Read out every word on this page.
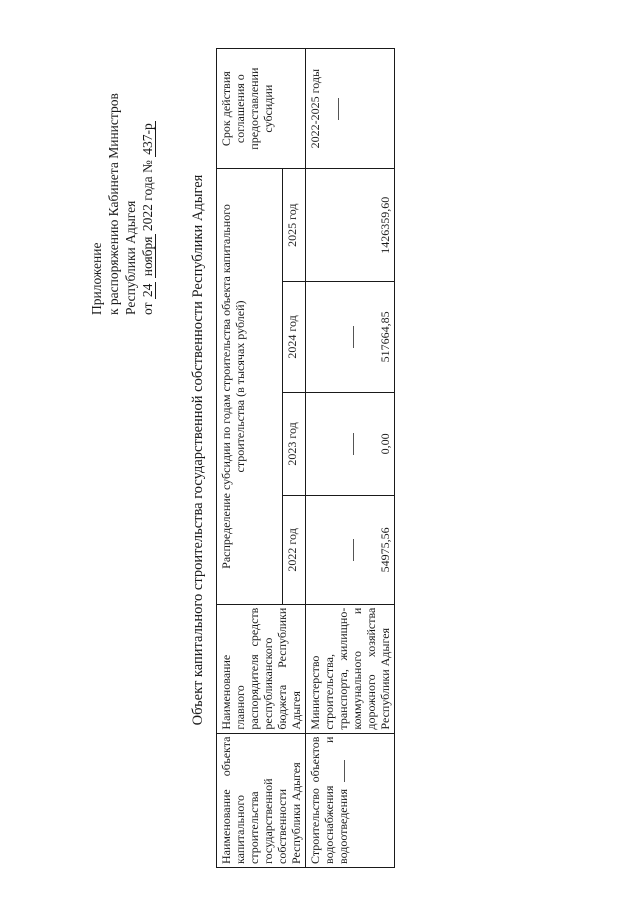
Приложение к распоряжению Кабинета Министров Республики Адыгея от 24 ноября 2022 года № 437-р
Объект капитального строительства государственной собственности Республики Адыгея
Наименование объекта капитального строительства государственной собственности Республики Адыгея	Наименование главного распорядителя средств республиканского бюджета Республики Адыгея	Распределение субсидии по годам строительства объекта капитального строительства (в тысячах рублей)				Срок действия соглашения о предоставлении субсидии
		2022 год	2023 год	2024 год	2025 год	
Строительство объектов водоснабжения и водоотведения	Министерство строительства, транспорта, жилищно-коммунального и дорожного хозяйства Республики Адыгея	54975,56	0,00	517664,85	1426359,60	2022-2025 годы
